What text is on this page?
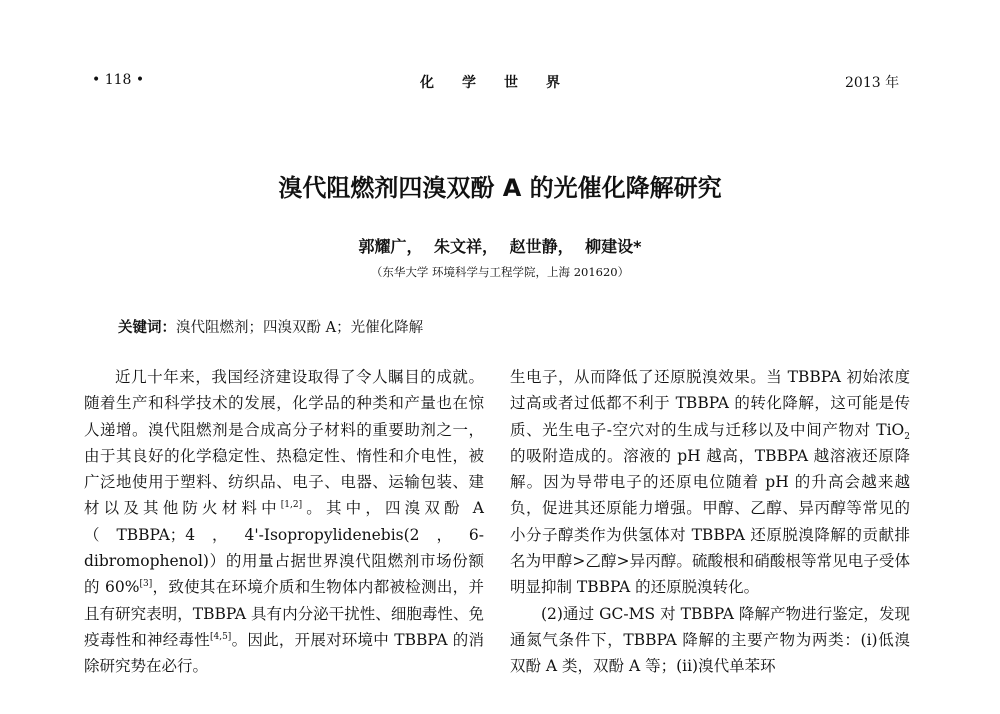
• 118 •	化学世界	2013 年
溴代阻燃剂四溴双酚 A 的光催化降解研究
郭耀广， 朱文祥， 赵世静， 柳建设*
（东华大学 环境科学与工程学院，上海 201620）
关键词：溴代阻燃剂；四溴双酚 A；光催化降解

近几十年来，我国经济建设取得了令人瞩目的成就。随着生产和科学技术的发展，化学品的种类和产量也在惊人递增。溴代阻燃剂是合成高分子材料的重要助剂之一，由于其良好的化学稳定性、热稳定性、惰性和介电性，被广泛地使用于塑料、纺织品、电子、电器、运输包装、建材以及其他防火材料中[1,2]。其中，四溴双酚 A（TBBPA；4，4'-Isopropylidenebis(2，6-dibromophenol)）的用量占据世界溴代阻燃剂市场份额的 60%[3]，致使其在环境介质和生物体内都被检测出，并且有研究表明，TBBPA 具有内分泌干扰性、细胞毒性、免疫毒性和神经毒性[4,5]。因此，开展对环境中 TBBPA 的消除研究势在必行。

生电子，从而降低了还原脱溴效果。当 TBBPA 初始浓度过高或者过低都不利于 TBBPA 的转化降解，这可能是传质、光生电子-空穴对的生成与迁移以及中间产物对 TiO$_2$ 的吸附造成的。溶液的 pH 越高，TBBPA 越溶液还原降解。因为导带电子的还原电位随着 pH 的升高会越来越负，促进其还原能力增强。甲醇、乙醇、异丙醇等常见的小分子醇类作为供氢体对 TBBPA 还原脱溴降解的贡献排名为甲醇>乙醇>异丙醇。硫酸根和硝酸根等常见电子受体明显抑制 TBBPA 的还原脱溴转化。

(2)通过 GC-MS 对 TBBPA 降解产物进行鉴定，发现通氮气条件下，TBBPA 降解的主要产物为两类：(i)低溴双酚 A 类，双酚 A 等；(ii)溴代单苯环
